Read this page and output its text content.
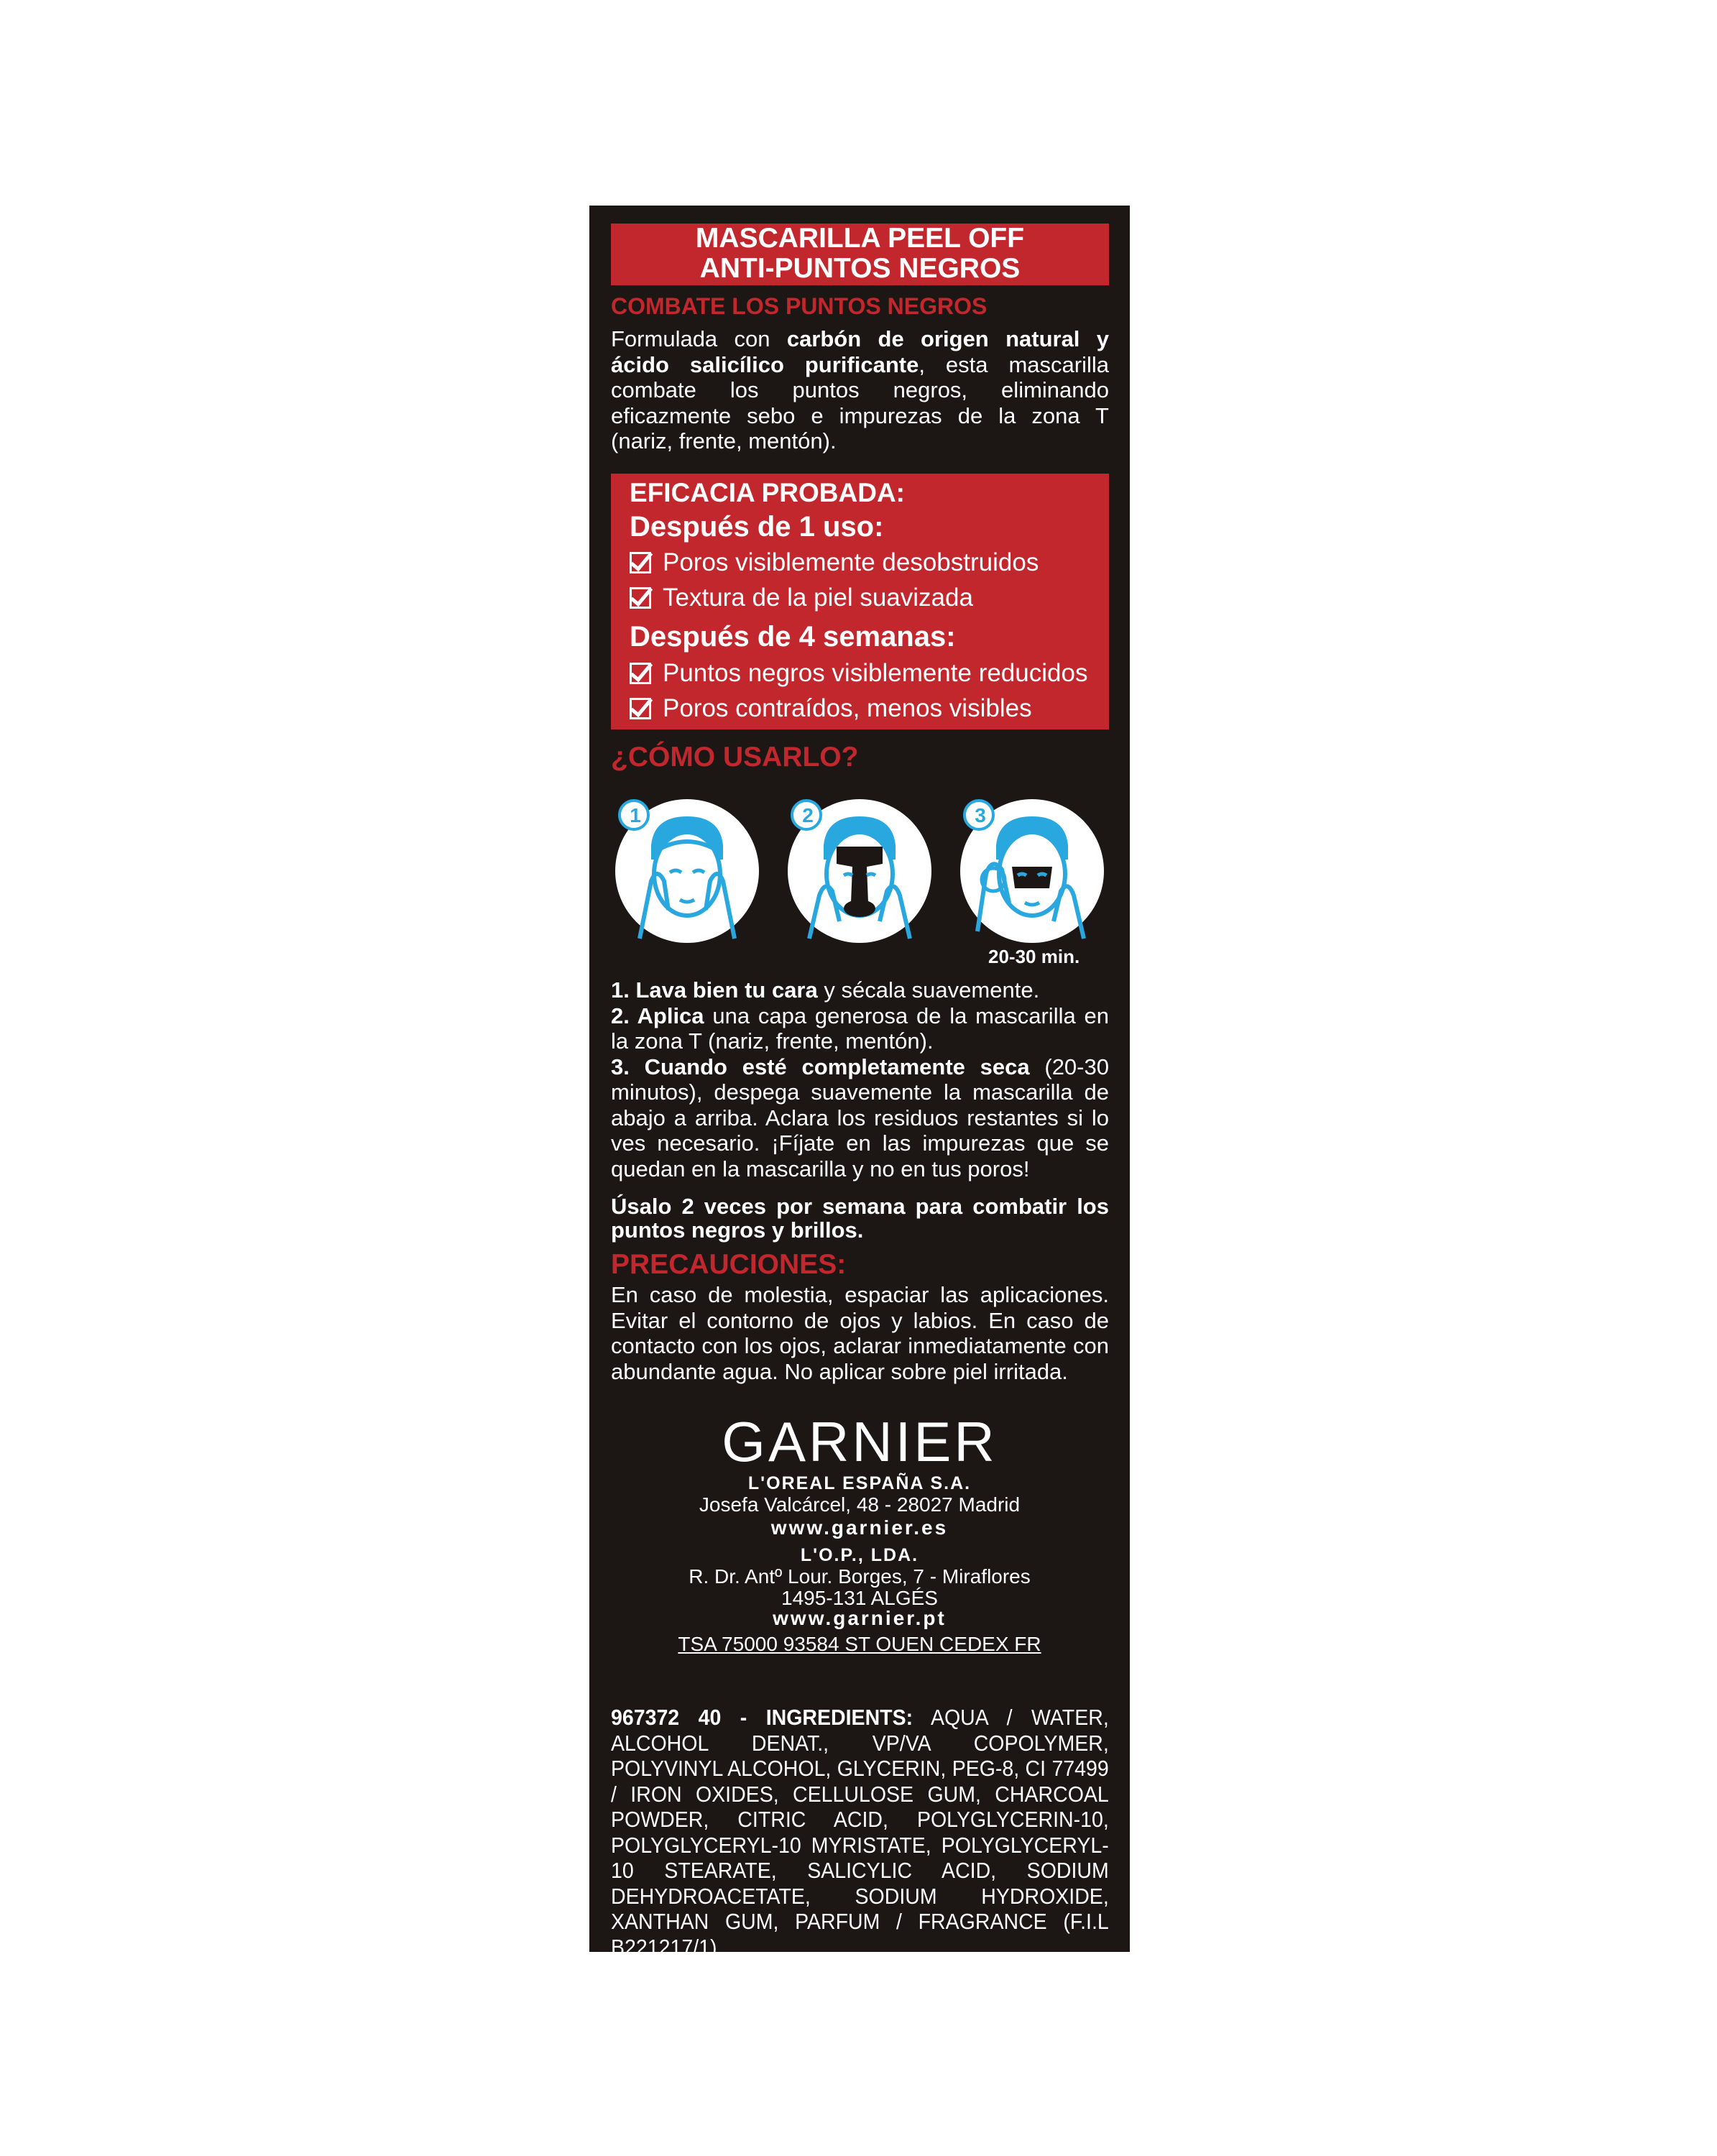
MASCARILLA PEEL OFF
ANTI-PUNTOS NEGROS
COMBATE LOS PUNTOS NEGROS
Formulada con carbón de origen natural y ácido salicílico purificante, esta mascarilla combate los puntos negros, eliminando eficazmente sebo e impurezas de la zona T (nariz, frente, mentón).
EFICACIA PROBADA:
Después de 1 uso:
Poros visiblemente desobstruidos
Textura de la piel suavizada
Después de 4 semanas:
Puntos negros visiblemente reducidos
Poros contraídos, menos visibles
¿CÓMO USARLO?
1	2	3
20-30 min.
1. Lava bien tu cara y sécala suavemente.
2. Aplica una capa generosa de la mascarilla en la zona T (nariz, frente, mentón).
3. Cuando esté completamente seca (20-30 minutos), despega suavemente la mascarilla de abajo a arriba. Aclara los residuos restantes si lo ves necesario. ¡Fíjate en las impurezas que se quedan en la mascarilla y no en tus poros!
Úsalo 2 veces por semana para combatir los puntos negros y brillos.
PRECAUCIONES:
En caso de molestia, espaciar las aplicaciones. Evitar el contorno de ojos y labios. En caso de contacto con los ojos, aclarar inmediatamente con abundante agua. No aplicar sobre piel irritada.
GARNIER
L'OREAL ESPAÑA S.A.
Josefa Valcárcel, 48 - 28027 Madrid
www.garnier.es
L'O.P., LDA.
R. Dr. Antº Lour. Borges, 7 - Miraflores
1495-131 ALGÉS
www.garnier.pt
TSA 75000 93584 ST OUEN CEDEX FR
967372 40 - INGREDIENTS: AQUA / WATER, ALCOHOL DENAT., VP/VA COPOLYMER, POLYVINYL ALCOHOL, GLYCERIN, PEG-8, CI 77499 / IRON OXIDES, CELLULOSE GUM, CHARCOAL POWDER, CITRIC ACID, POLYGLYCERIN-10, POLYGLYCERYL-10 MYRISTATE, POLYGLYCERYL-10 STEARATE, SALICYLIC ACID, SODIUM DEHYDROACETATE, SODIUM HYDROXIDE, XANTHAN GUM, PARFUM / FRAGRANCE (F.I.L B221217/1).
